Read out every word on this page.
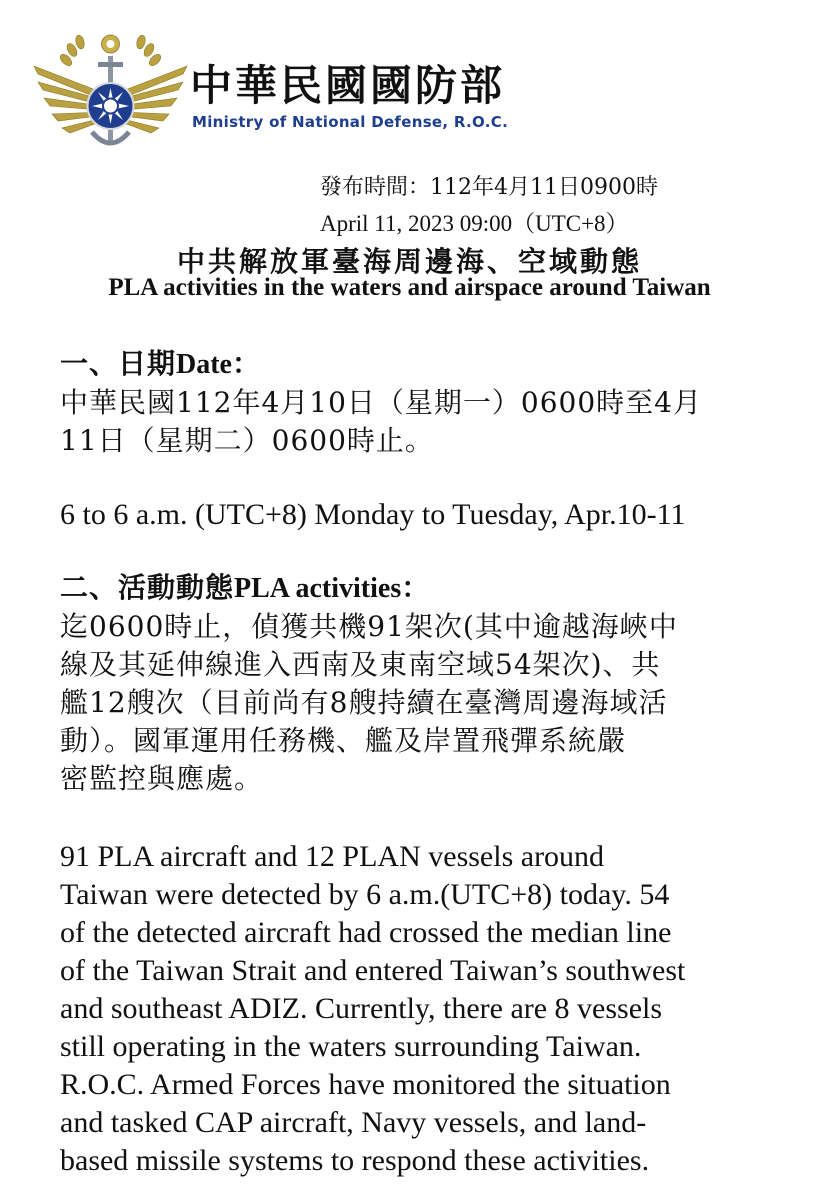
中華民國國防部
Ministry of National Defense, R.O.C.
發布時間：112年4月11日0900時
April 11, 2023 09:00（UTC+8）
中共解放軍臺海周邊海、空域動態
PLA activities in the waters and airspace around Taiwan
一、日期Date：
中華民國112年4月10日（星期一）0600時至4月
11日（星期二）0600時止。
6 to 6 a.m. (UTC+8) Monday to Tuesday, Apr.10-11
二、活動動態PLA activities：
迄0600時止，偵獲共機91架次(其中逾越海峽中
線及其延伸線進入西南及東南空域54架次)、共
艦12艘次（目前尚有8艘持續在臺灣周邊海域活
動）。國軍運用任務機、艦及岸置飛彈系統嚴
密監控與應處。
91 PLA aircraft and 12 PLAN vessels around
Taiwan were detected by 6 a.m.(UTC+8) today. 54
of the detected aircraft had crossed the median line
of the Taiwan Strait and entered Taiwan’s southwest
and southeast ADIZ. Currently, there are 8 vessels
still operating in the waters surrounding Taiwan.
R.O.C. Armed Forces have monitored the situation
and tasked CAP aircraft, Navy vessels, and land-
based missile systems to respond these activities.
